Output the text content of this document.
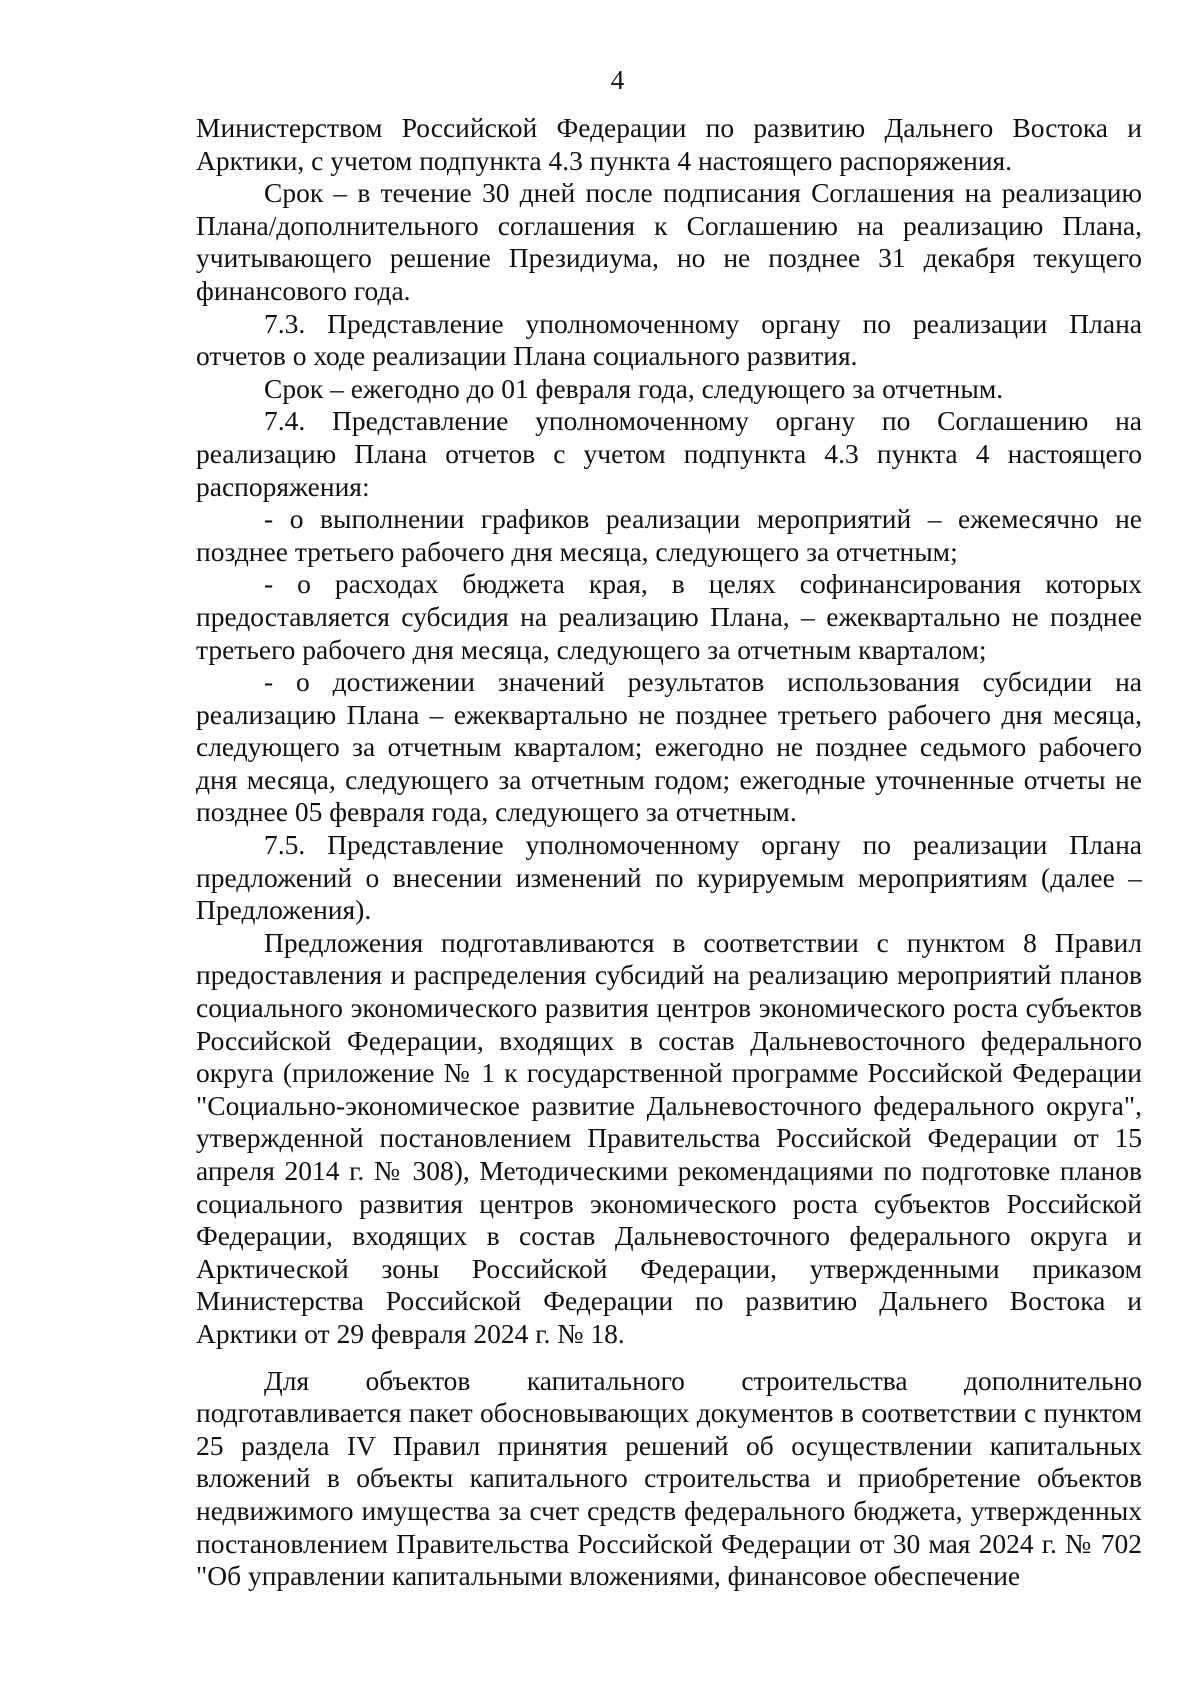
4

Министерством Российской Федерации по развитию Дальнего Востока и Арктики, с учетом подпункта 4.3 пункта 4 настоящего распоряжения.

Срок – в течение 30 дней после подписания Соглашения на реализацию Плана/дополнительного соглашения к Соглашению на реализацию Плана, учитывающего решение Президиума, но не позднее 31 декабря текущего финансового года.

7.3. Представление уполномоченному органу по реализации Плана отчетов о ходе реализации Плана социального развития.

Срок – ежегодно до 01 февраля года, следующего за отчетным.

7.4. Представление уполномоченному органу по Соглашению на реализацию Плана отчетов с учетом подпункта 4.3 пункта 4 настоящего распоряжения:

- о выполнении графиков реализации мероприятий – ежемесячно не позднее третьего рабочего дня месяца, следующего за отчетным;

- о расходах бюджета края, в целях софинансирования которых предоставляется субсидия на реализацию Плана, – ежеквартально не позднее третьего рабочего дня месяца, следующего за отчетным кварталом;

- о достижении значений результатов использования субсидии на реализацию Плана – ежеквартально не позднее третьего рабочего дня месяца, следующего за отчетным кварталом; ежегодно не позднее седьмого рабочего дня месяца, следующего за отчетным годом; ежегодные уточненные отчеты не позднее 05 февраля года, следующего за отчетным.

7.5. Представление уполномоченному органу по реализации Плана предложений о внесении изменений по курируемым мероприятиям (далее – Предложения).

Предложения подготавливаются в соответствии с пунктом 8 Правил предоставления и распределения субсидий на реализацию мероприятий планов социального экономического развития центров экономического роста субъектов Российской Федерации, входящих в состав Дальневосточного федерального округа (приложение № 1 к государственной программе Российской Федерации "Социально-экономическое развитие Дальневосточного федерального округа", утвержденной постановлением Правительства Российской Федерации от 15 апреля 2014 г. № 308), Методическими рекомендациями по подготовке планов социального развития центров экономического роста субъектов Российской Федерации, входящих в состав Дальневосточного федерального округа и Арктической зоны Российской Федерации, утвержденными приказом Министерства Российской Федерации по развитию Дальнего Востока и Арктики от 29 февраля 2024 г. № 18.

Для объектов капитального строительства дополнительно подготавливается пакет обосновывающих документов в соответствии с пунктом 25 раздела IV Правил принятия решений об осуществлении капитальных вложений в объекты капитального строительства и приобретение объектов недвижимого имущества за счет средств федерального бюджета, утвержденных постановлением Правительства Российской Федерации от 30 мая 2024 г. № 702 "Об управлении капитальными вложениями, финансовое обеспечение
